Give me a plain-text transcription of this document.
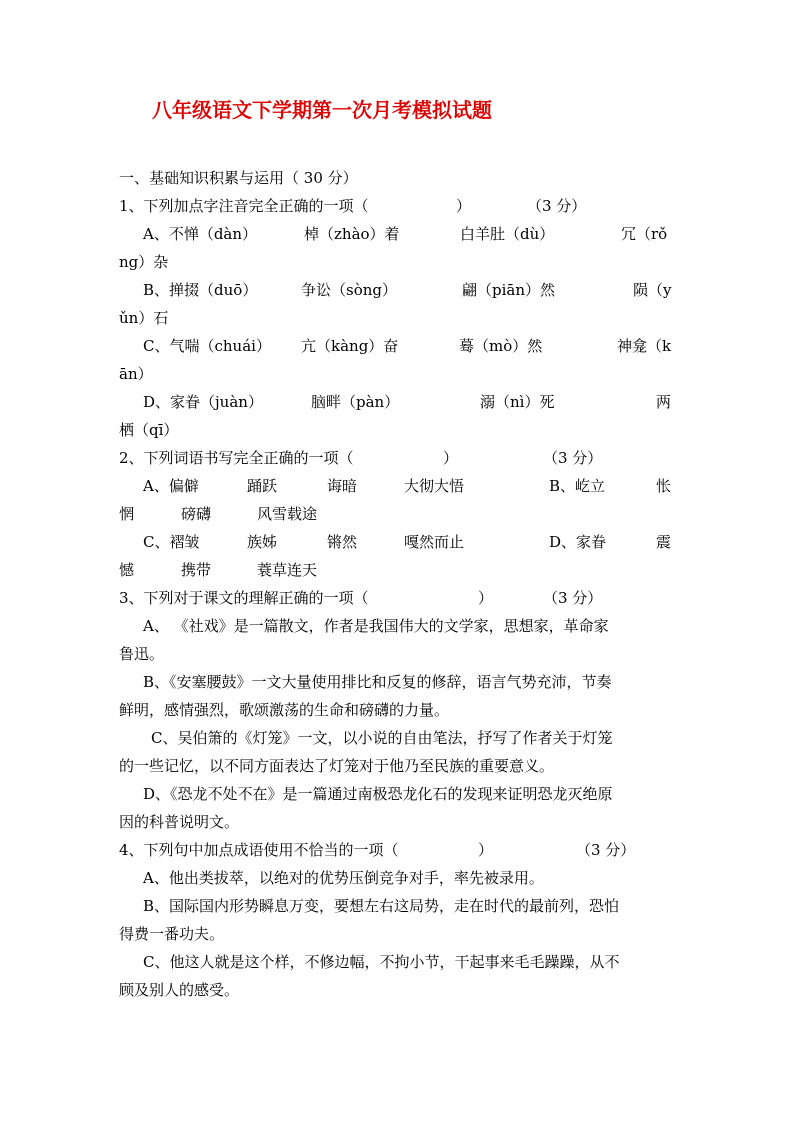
八年级语文下学期第一次月考模拟试题
一、基础知识积累与运用（ 30 分）
1、下列加点字注音完全正确的一项（	）	（3 分）
A、不惮（dàn）	棹（zhào）着	白羊肚（dù）	冗（rǒ
ng）杂
B、掸掇（duō）	争讼（sòng）	翩（piān）然	陨（y
ǔn）石
C、气喘（chuái） 亢（kàng）奋	蓦（mò）然	神龛（k
ān）
D、家眷（juàn）	脑畔（pàn）	溺（nì）死	两
栖（qī）
2、下列词语书写完全正确的一项（	）	（3 分）
A、偏僻	踊跃	诲暗	大彻大悟	B、屹立	怅
惘	磅礴	风雪载途
C、褶皱	族姊	锵然	嘎然而止	D、家眷	震
憾	携带	蓑草连天
3、下列对于课文的理解正确的一项（	）	（3 分）
A、 《社戏》是一篇散文，作者是我国伟大的文学家，思想家，革命家
鲁迅。
B、《安塞腰鼓》一文大量使用排比和反复的修辞，语言气势充沛，节奏
鲜明，感情强烈，歌颂激荡的生命和磅礴的力量。
C、吴伯箫的《灯笼》一文，以小说的自由笔法，抒写了作者关于灯笼
的一些记忆，以不同方面表达了灯笼对于他乃至民族的重要意义。
D、《恐龙不处不在》是一篇通过南极恐龙化石的发现来证明恐龙灭绝原
因的科普说明文。
4、下列句中加点成语使用不恰当的一项（	）	（3 分）
A、他出类拔萃，以绝对的优势压倒竞争对手，率先被录用。
B、国际国内形势瞬息万变，要想左右这局势，走在时代的最前列，恐怕
得费一番功夫。
C、他这人就是这个样，不修边幅，不拘小节，干起事来毛毛躁躁，从不
顾及别人的感受。
